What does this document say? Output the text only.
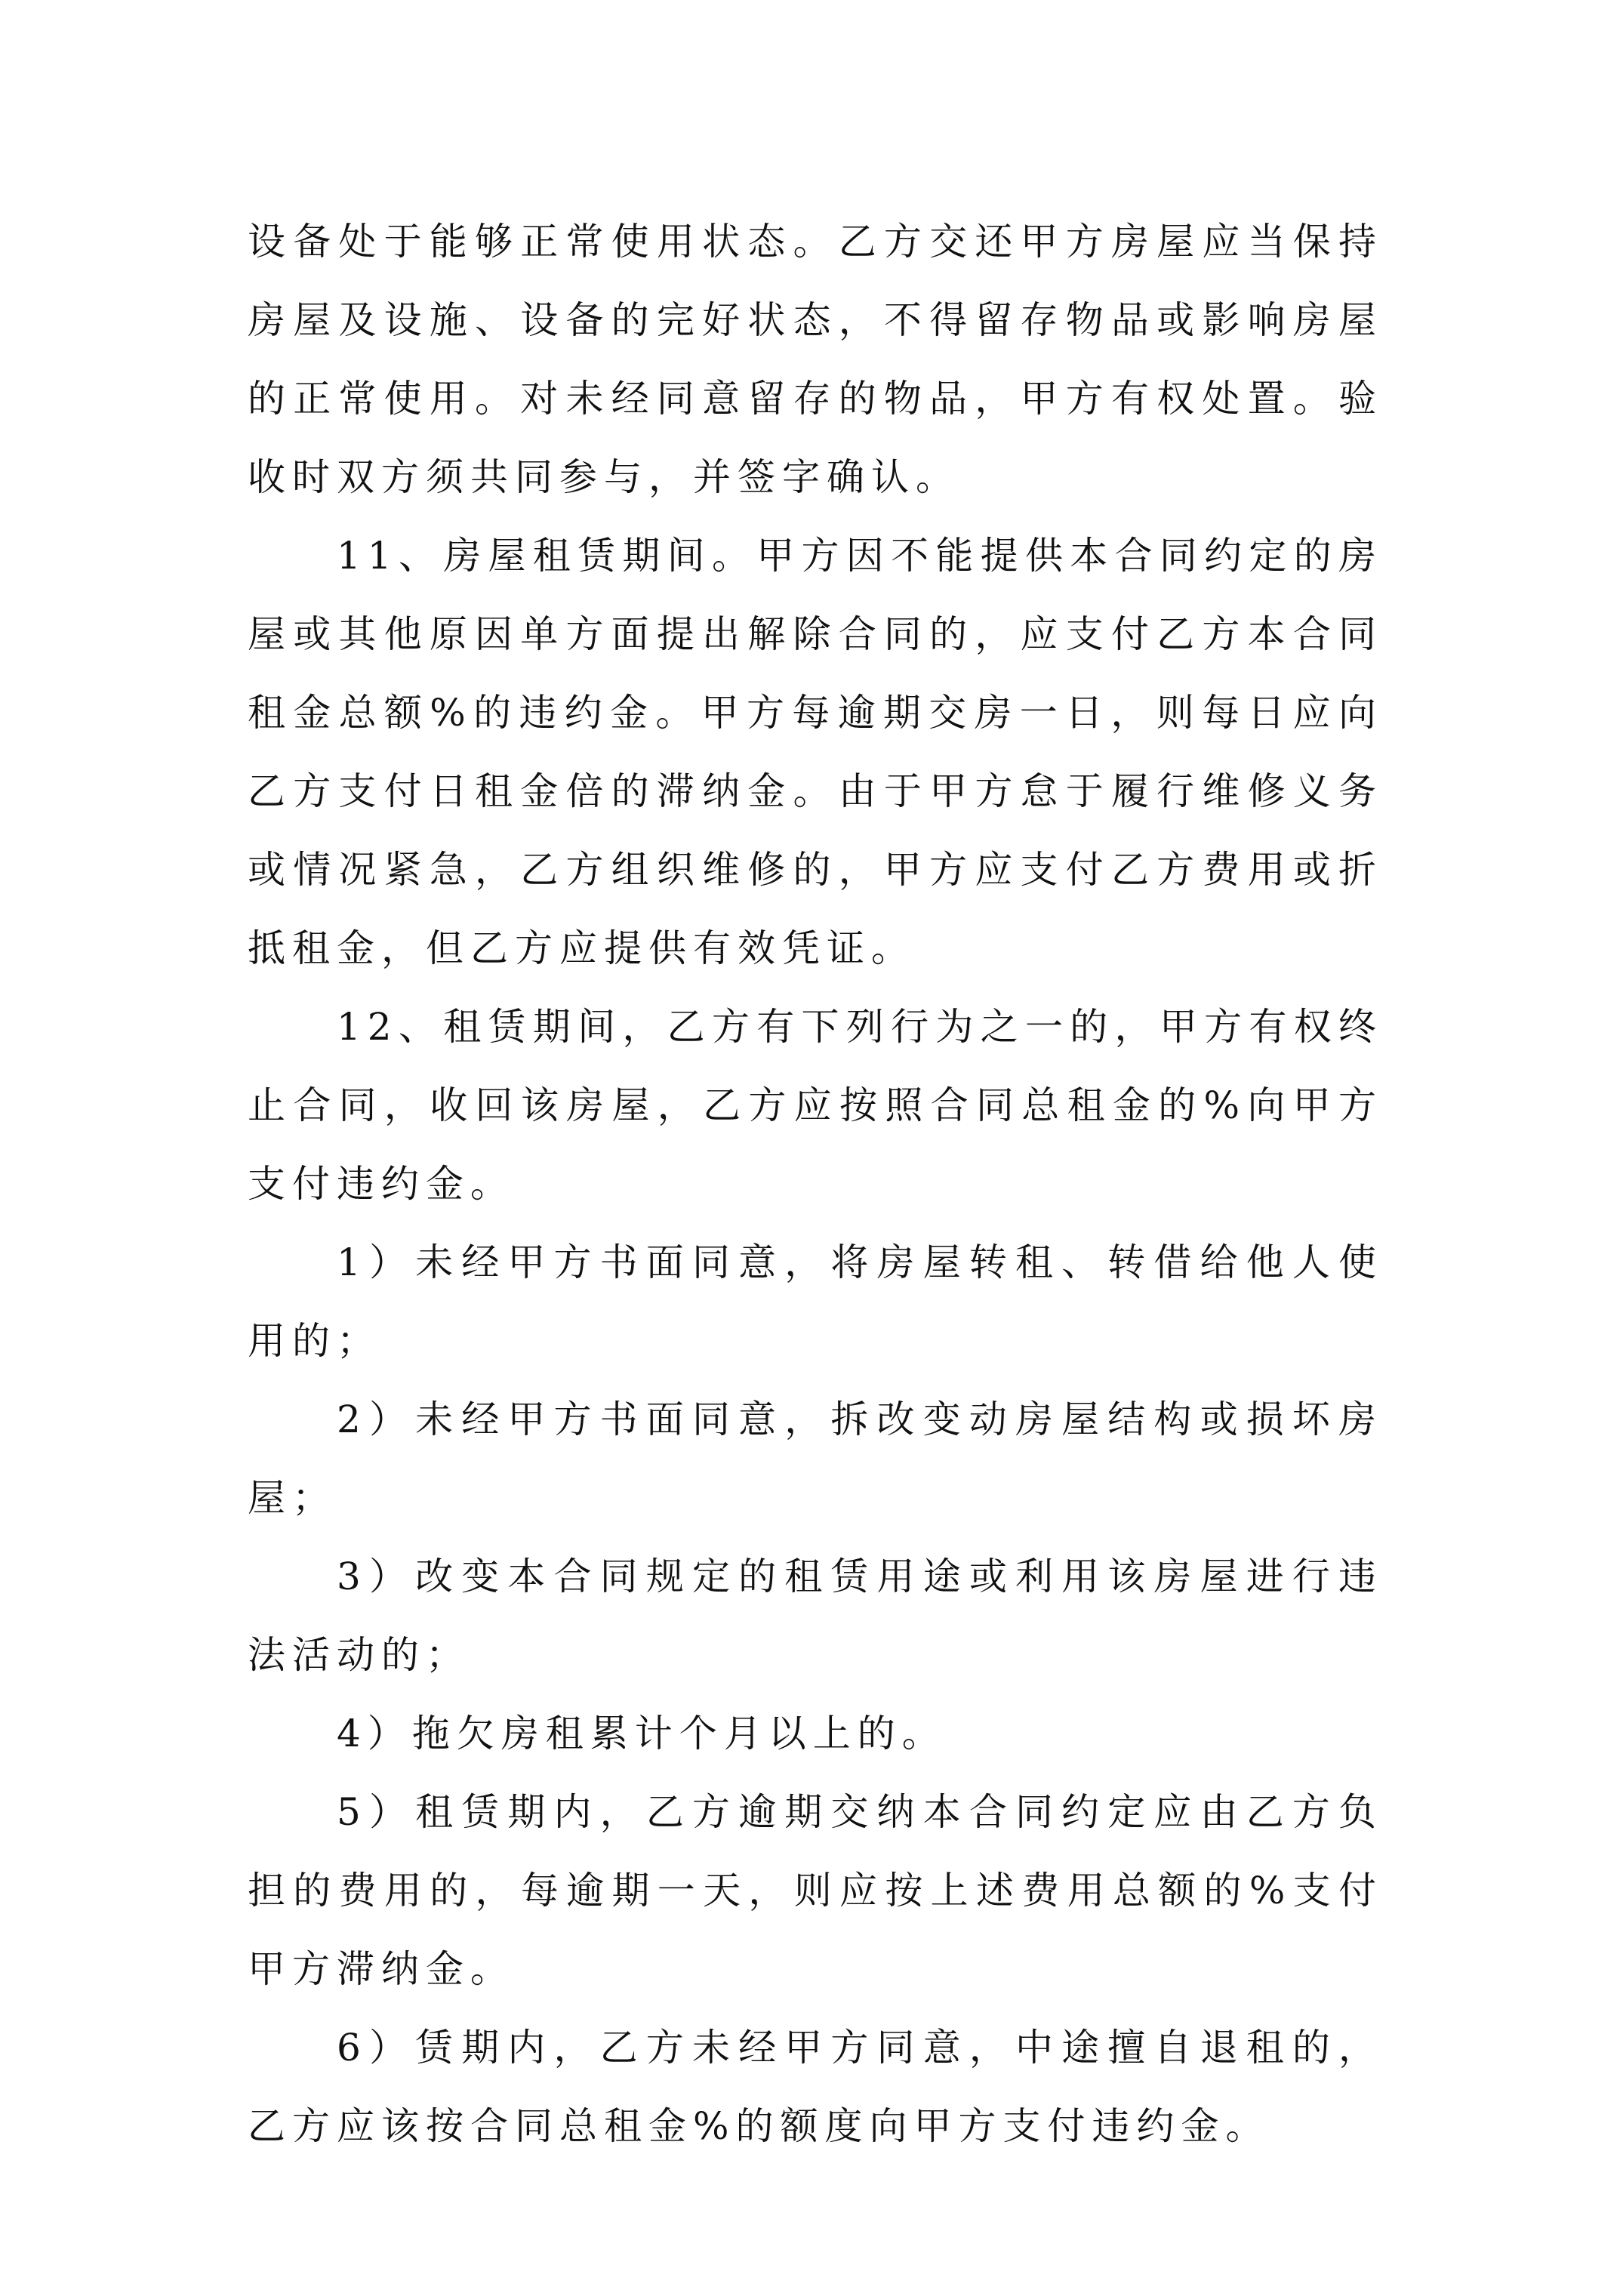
设备处于能够正常使用状态。乙方交还甲方房屋应当保持房屋及设施、设备的完好状态，不得留存物品或影响房屋的正常使用。对未经同意留存的物品，甲方有权处置。验收时双方须共同参与，并签字确认。

11、房屋租赁期间。甲方因不能提供本合同约定的房屋或其他原因单方面提出解除合同的，应支付乙方本合同租金总额%的违约金。甲方每逾期交房一日，则每日应向乙方支付日租金倍的滞纳金。由于甲方怠于履行维修义务或情况紧急，乙方组织维修的，甲方应支付乙方费用或折抵租金，但乙方应提供有效凭证。

12、租赁期间，乙方有下列行为之一的，甲方有权终止合同，收回该房屋，乙方应按照合同总租金的%向甲方支付违约金。

1）未经甲方书面同意，将房屋转租、转借给他人使用的；

2）未经甲方书面同意，拆改变动房屋结构或损坏房屋；

3）改变本合同规定的租赁用途或利用该房屋进行违法活动的；

4）拖欠房租累计个月以上的。

5）租赁期内，乙方逾期交纳本合同约定应由乙方负担的费用的，每逾期一天，则应按上述费用总额的%支付甲方滞纳金。

6）赁期内，乙方未经甲方同意，中途擅自退租的，乙方应该按合同总租金%的额度向甲方支付违约金。
